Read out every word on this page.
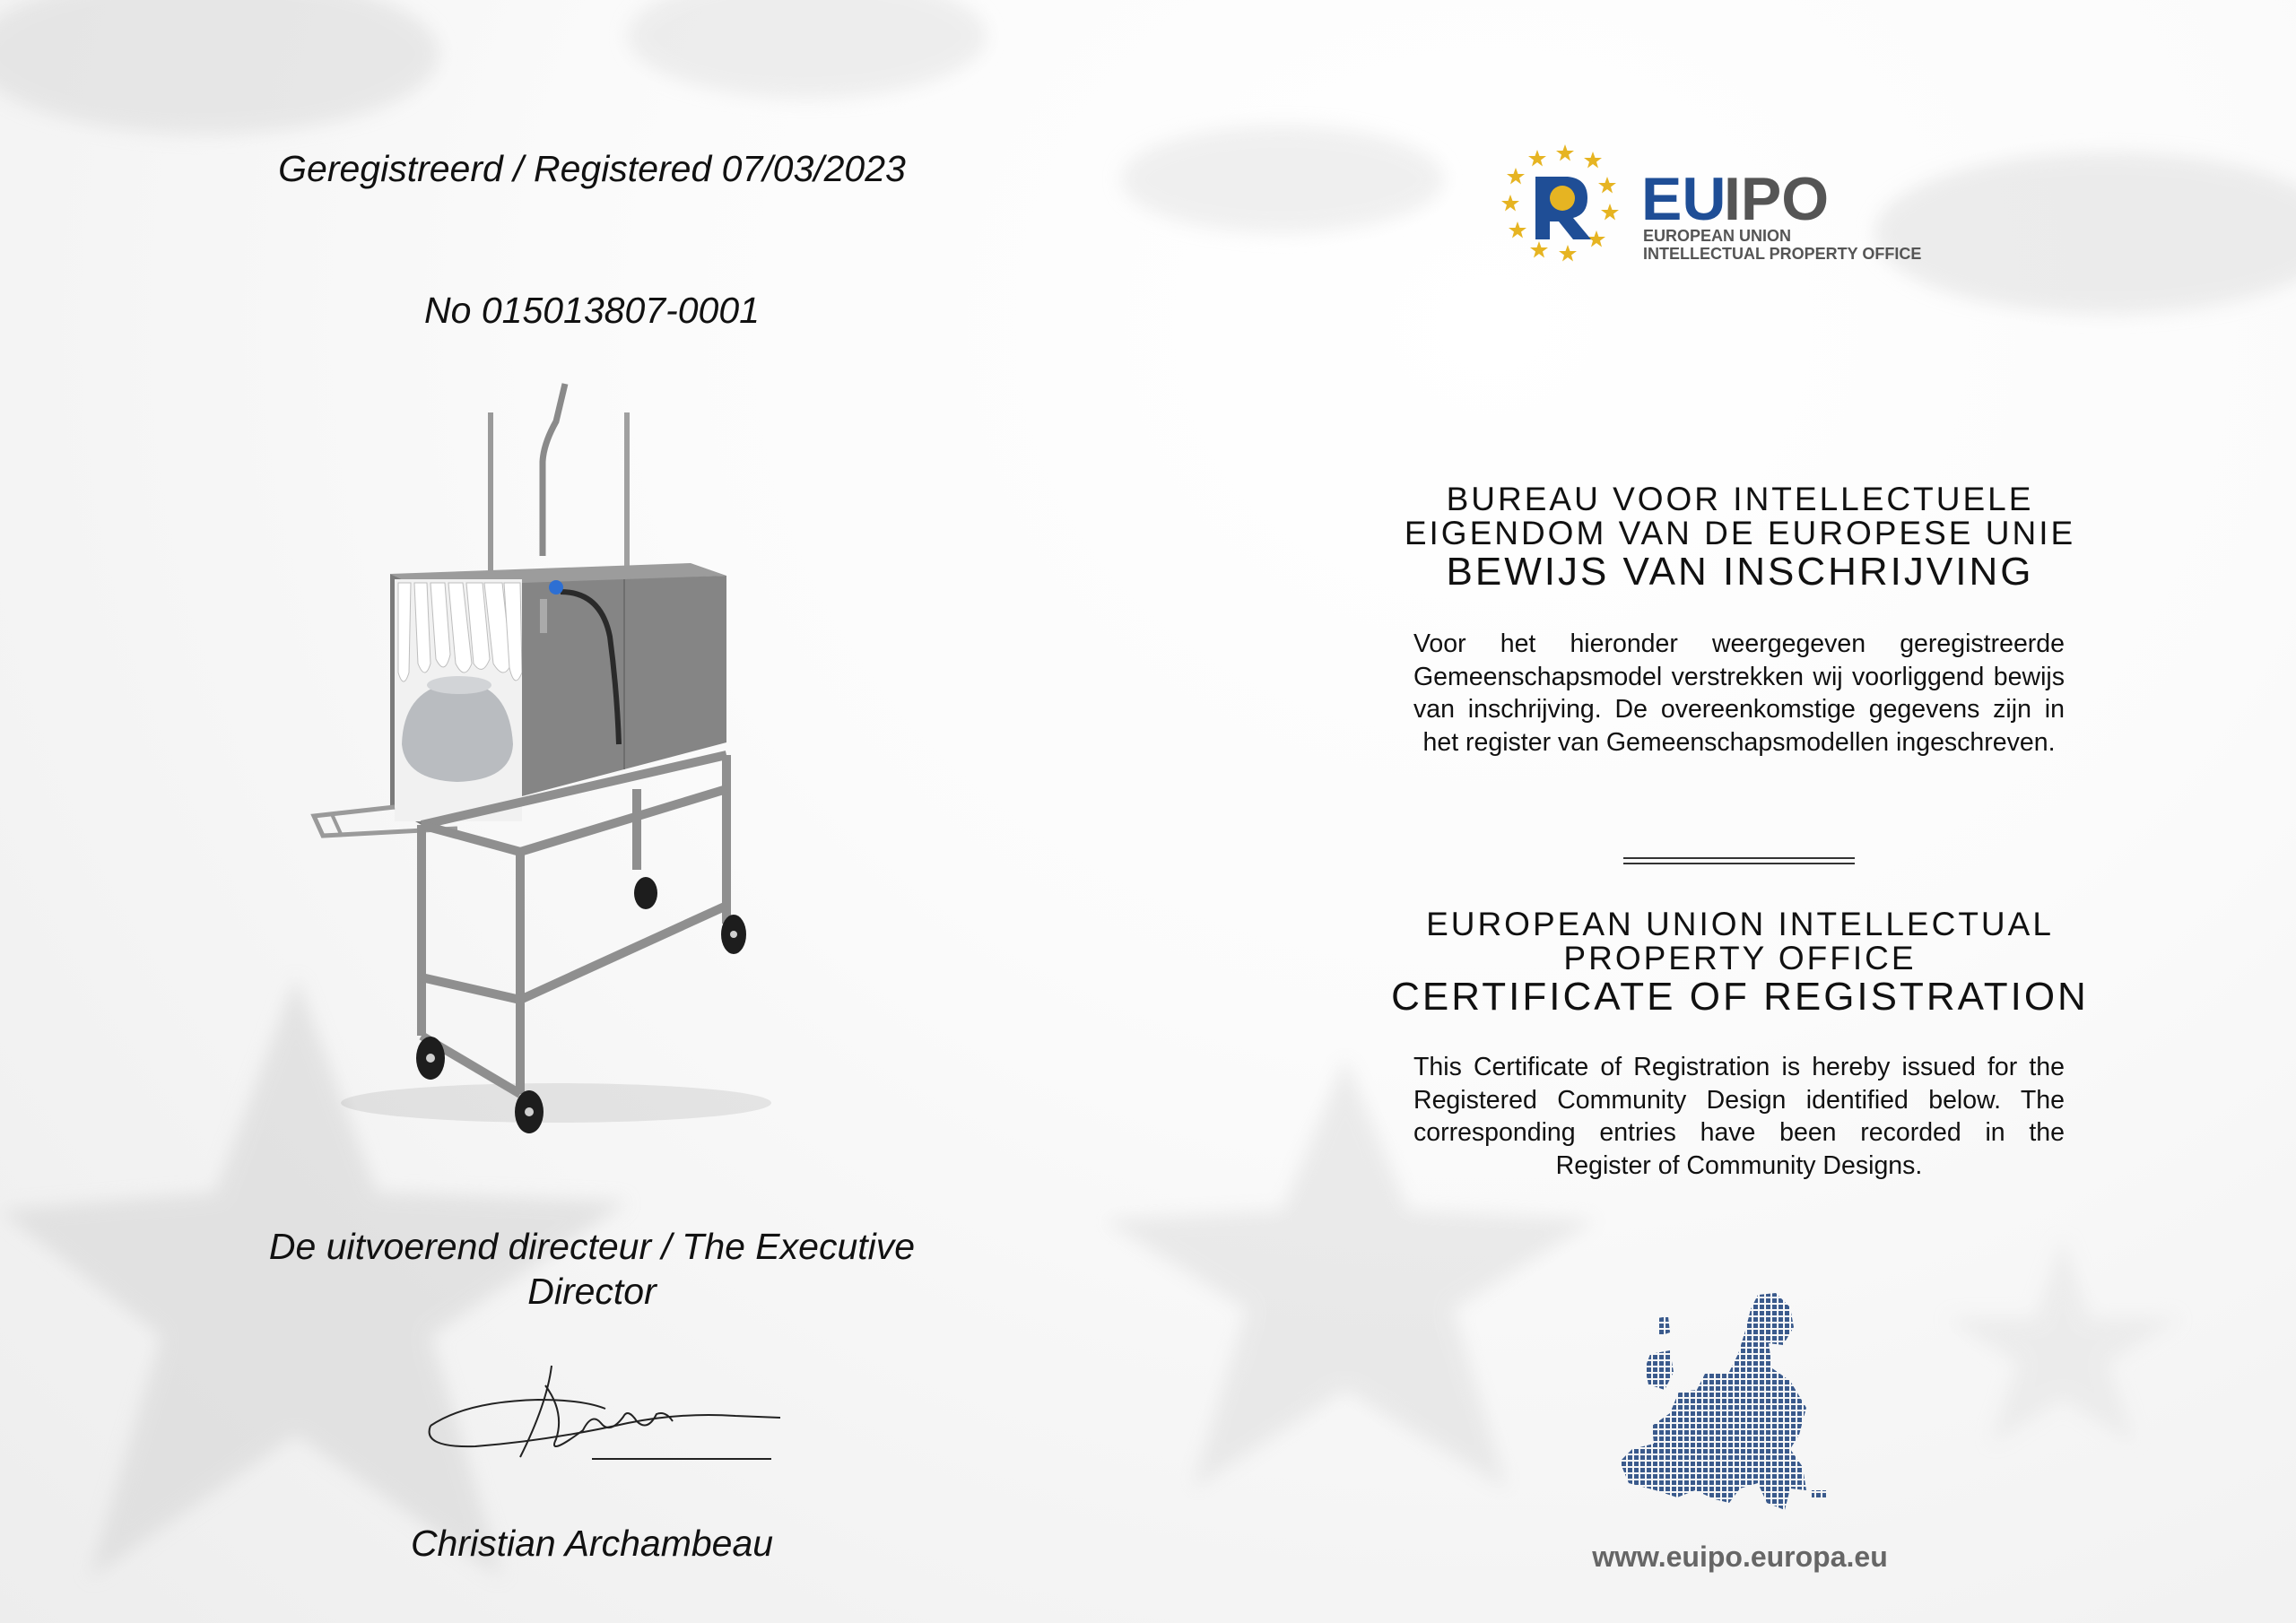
Geregistreerd / Registered 07/03/2023
No 015013807-0001
De uitvoerend directeur / The Executive Director
Christian Archambeau
EU
IPO
EUROPEAN UNION
INTELLECTUAL PROPERTY OFFICE
BUREAU VOOR INTELLECTUELE
EIGENDOM VAN DE EUROPESE UNIE
BEWIJS VAN INSCHRIJVING
Voor het hieronder weergegeven geregistreerde Gemeenschapsmodel verstrekken wij voorliggend bewijs van inschrijving. De overeenkomstige gegevens zijn in het register van Gemeenschapsmodellen ingeschreven.
EUROPEAN UNION INTELLECTUAL
PROPERTY OFFICE
CERTIFICATE OF REGISTRATION
This Certificate of Registration is hereby issued for the Registered Community Design identified below. The corresponding entries have been recorded in the Register of Community Designs.
www.euipo.europa.eu
